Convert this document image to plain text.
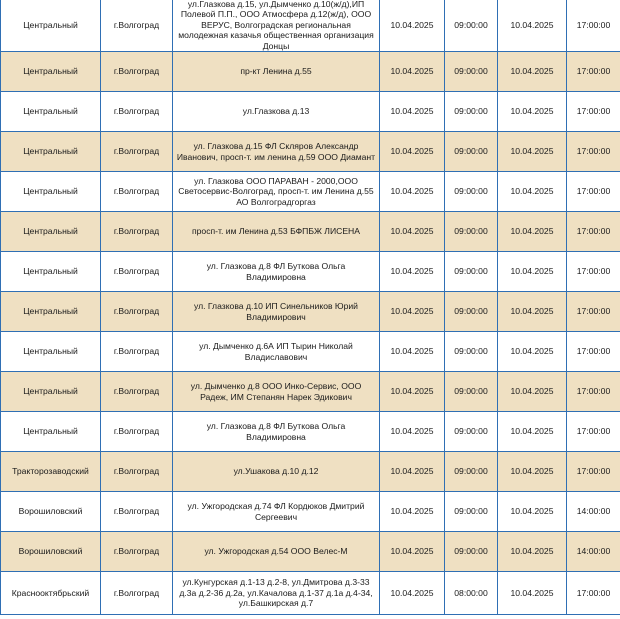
Центральный	г.Волгоград	ул.Глазкова д.15, ул.Дымченко д.10(ж/д),ИП Полевой П.П., ООО Атмосфера д.12(ж/д), ООО ВЕРУС, Волгоградская региональная молодежная казачья общественная организация Донцы	10.04.2025	09:00:00	10.04.2025	17:00:00
Центральный	г.Волгоград	пр-кт Ленина д.55	10.04.2025	09:00:00	10.04.2025	17:00:00
Центральный	г.Волгоград	ул.Глазкова д.13	10.04.2025	09:00:00	10.04.2025	17:00:00
Центральный	г.Волгоград	ул. Глазкова д.15 ФЛ Скляров Александр Иванович, просп-т. им ленина д.59 ООО Диамант	10.04.2025	09:00:00	10.04.2025	17:00:00
Центральный	г.Волгоград	ул. Глазкова ООО ПАРАВАН - 2000,ООО Светосервис-Волгоград, просп-т. им Ленина д.55 АО Волгоградгоргаз	10.04.2025	09:00:00	10.04.2025	17:00:00
Центральный	г.Волгоград	просп-т. им Ленина д.53 БФПБЖ ЛИСЕНА	10.04.2025	09:00:00	10.04.2025	17:00:00
Центральный	г.Волгоград	ул. Глазкова д.8 ФЛ Буткова Ольга Владимировна	10.04.2025	09:00:00	10.04.2025	17:00:00
Центральный	г.Волгоград	ул. Глазкова д.10 ИП Синельников Юрий Владимирович	10.04.2025	09:00:00	10.04.2025	17:00:00
Центральный	г.Волгоград	ул. Дымченко д.6А ИП Тырин Николай Владиславович	10.04.2025	09:00:00	10.04.2025	17:00:00
Центральный	г.Волгоград	ул. Дымченко д.8 ООО Инко-Сервис, ООО Радеж, ИМ Степанян Нарек Эдикович	10.04.2025	09:00:00	10.04.2025	17:00:00
Центральный	г.Волгоград	ул. Глазкова д.8 ФЛ Буткова Ольга Владимировна	10.04.2025	09:00:00	10.04.2025	17:00:00
Тракторозаводский	г.Волгоград	ул.Ушакова д.10 д.12	10.04.2025	09:00:00	10.04.2025	17:00:00
Ворошиловский	г.Волгоград	ул. Ужгородская д.74 ФЛ Кордюков Дмитрий Сергеевич	10.04.2025	09:00:00	10.04.2025	14:00:00
Ворошиловский	г.Волгоград	ул. Ужгородская д.54 ООО Велес-М	10.04.2025	09:00:00	10.04.2025	14:00:00
Красноoктябрьский	г.Волгоград	ул.Кунгурская д.1-13 д.2-8, ул.Дмитрова д.3-33 д.3а д.2-36 д.2а, ул.Качалова д.1-37 д.1а д.4-34, ул.Башкирская д.7	10.04.2025	08:00:00	10.04.2025	17:00:00
